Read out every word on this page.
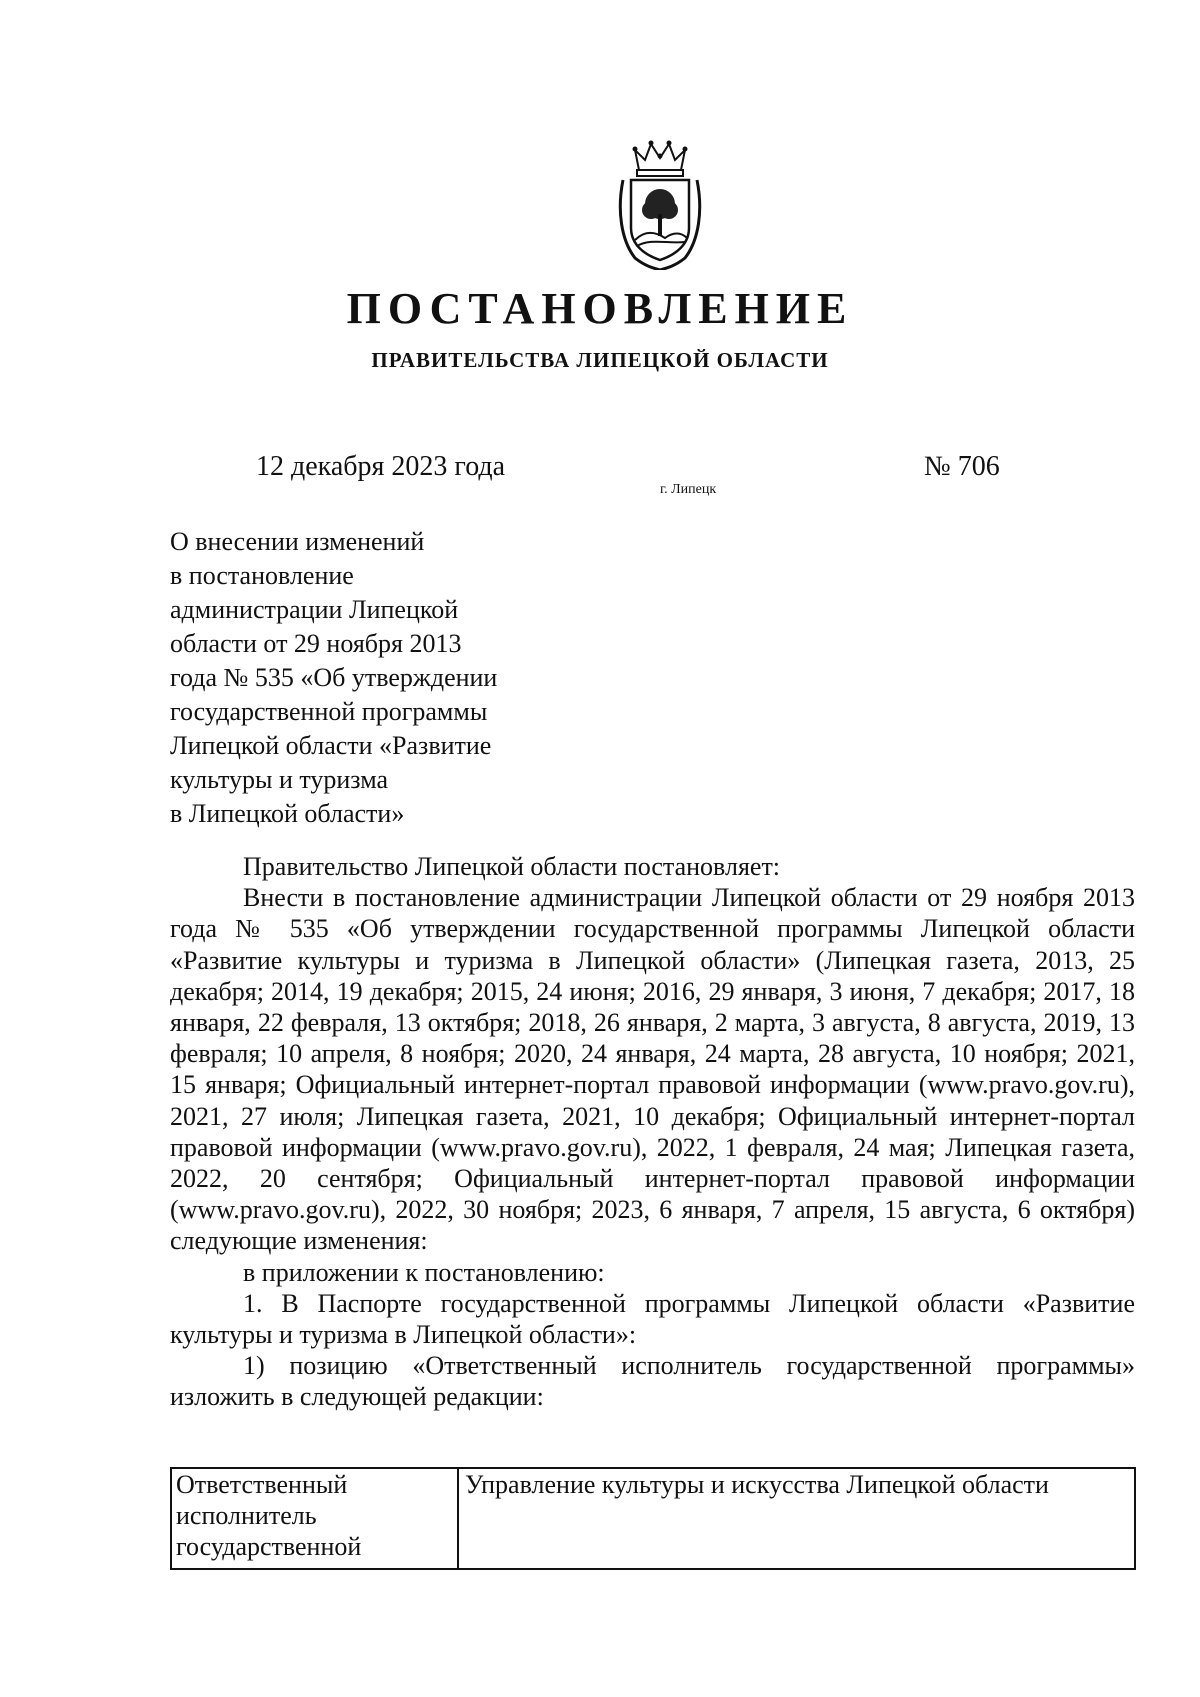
ПОСТАНОВЛЕНИЕ
ПРАВИТЕЛЬСТВА ЛИПЕЦКОЙ ОБЛАСТИ
12 декабря 2023 года
г. Липецк
№ 706
О внесении изменений
в постановление
администрации Липецкой
области от 29 ноября 2013
года № 535 «Об утверждении
государственной программы
Липецкой области «Развитие
культуры и туризма
в Липецкой области»

Правительство Липецкой области постановляет:

Внести в постановление администрации Липецкой области от 29 ноября 2013 года № 535 «Об утверждении государственной программы Липецкой области «Развитие культуры и туризма в Липецкой области» (Липецкая газета, 2013, 25 декабря; 2014, 19 декабря; 2015, 24 июня; 2016, 29 января, 3 июня, 7 декабря; 2017, 18 января, 22 февраля, 13 октября; 2018, 26 января, 2 марта, 3 августа, 8 августа, 2019, 13 февраля; 10 апреля, 8 ноября; 2020, 24 января, 24 марта, 28 августа, 10 ноября; 2021, 15 января; Официальный интернет-портал правовой информации (www.pravo.gov.ru), 2021, 27 июля; Липецкая газета, 2021, 10 декабря; Официальный интернет-портал правовой информации (www.pravo.gov.ru), 2022, 1 февраля, 24 мая; Липецкая газета, 2022, 20 сентября; Официальный интернет-портал правовой информации (www.pravo.gov.ru), 2022, 30 ноября; 2023, 6 января, 7 апреля, 15 августа, 6 октября) следующие изменения:

в приложении к постановлению:

1. В Паспорте государственной программы Липецкой области «Развитие культуры и туризма в Липецкой области»:

1) позицию «Ответственный исполнитель государственной программы» изложить в следующей редакции:

Ответственный
исполнитель
государственной
	Управление культуры и искусства Липецкой области
